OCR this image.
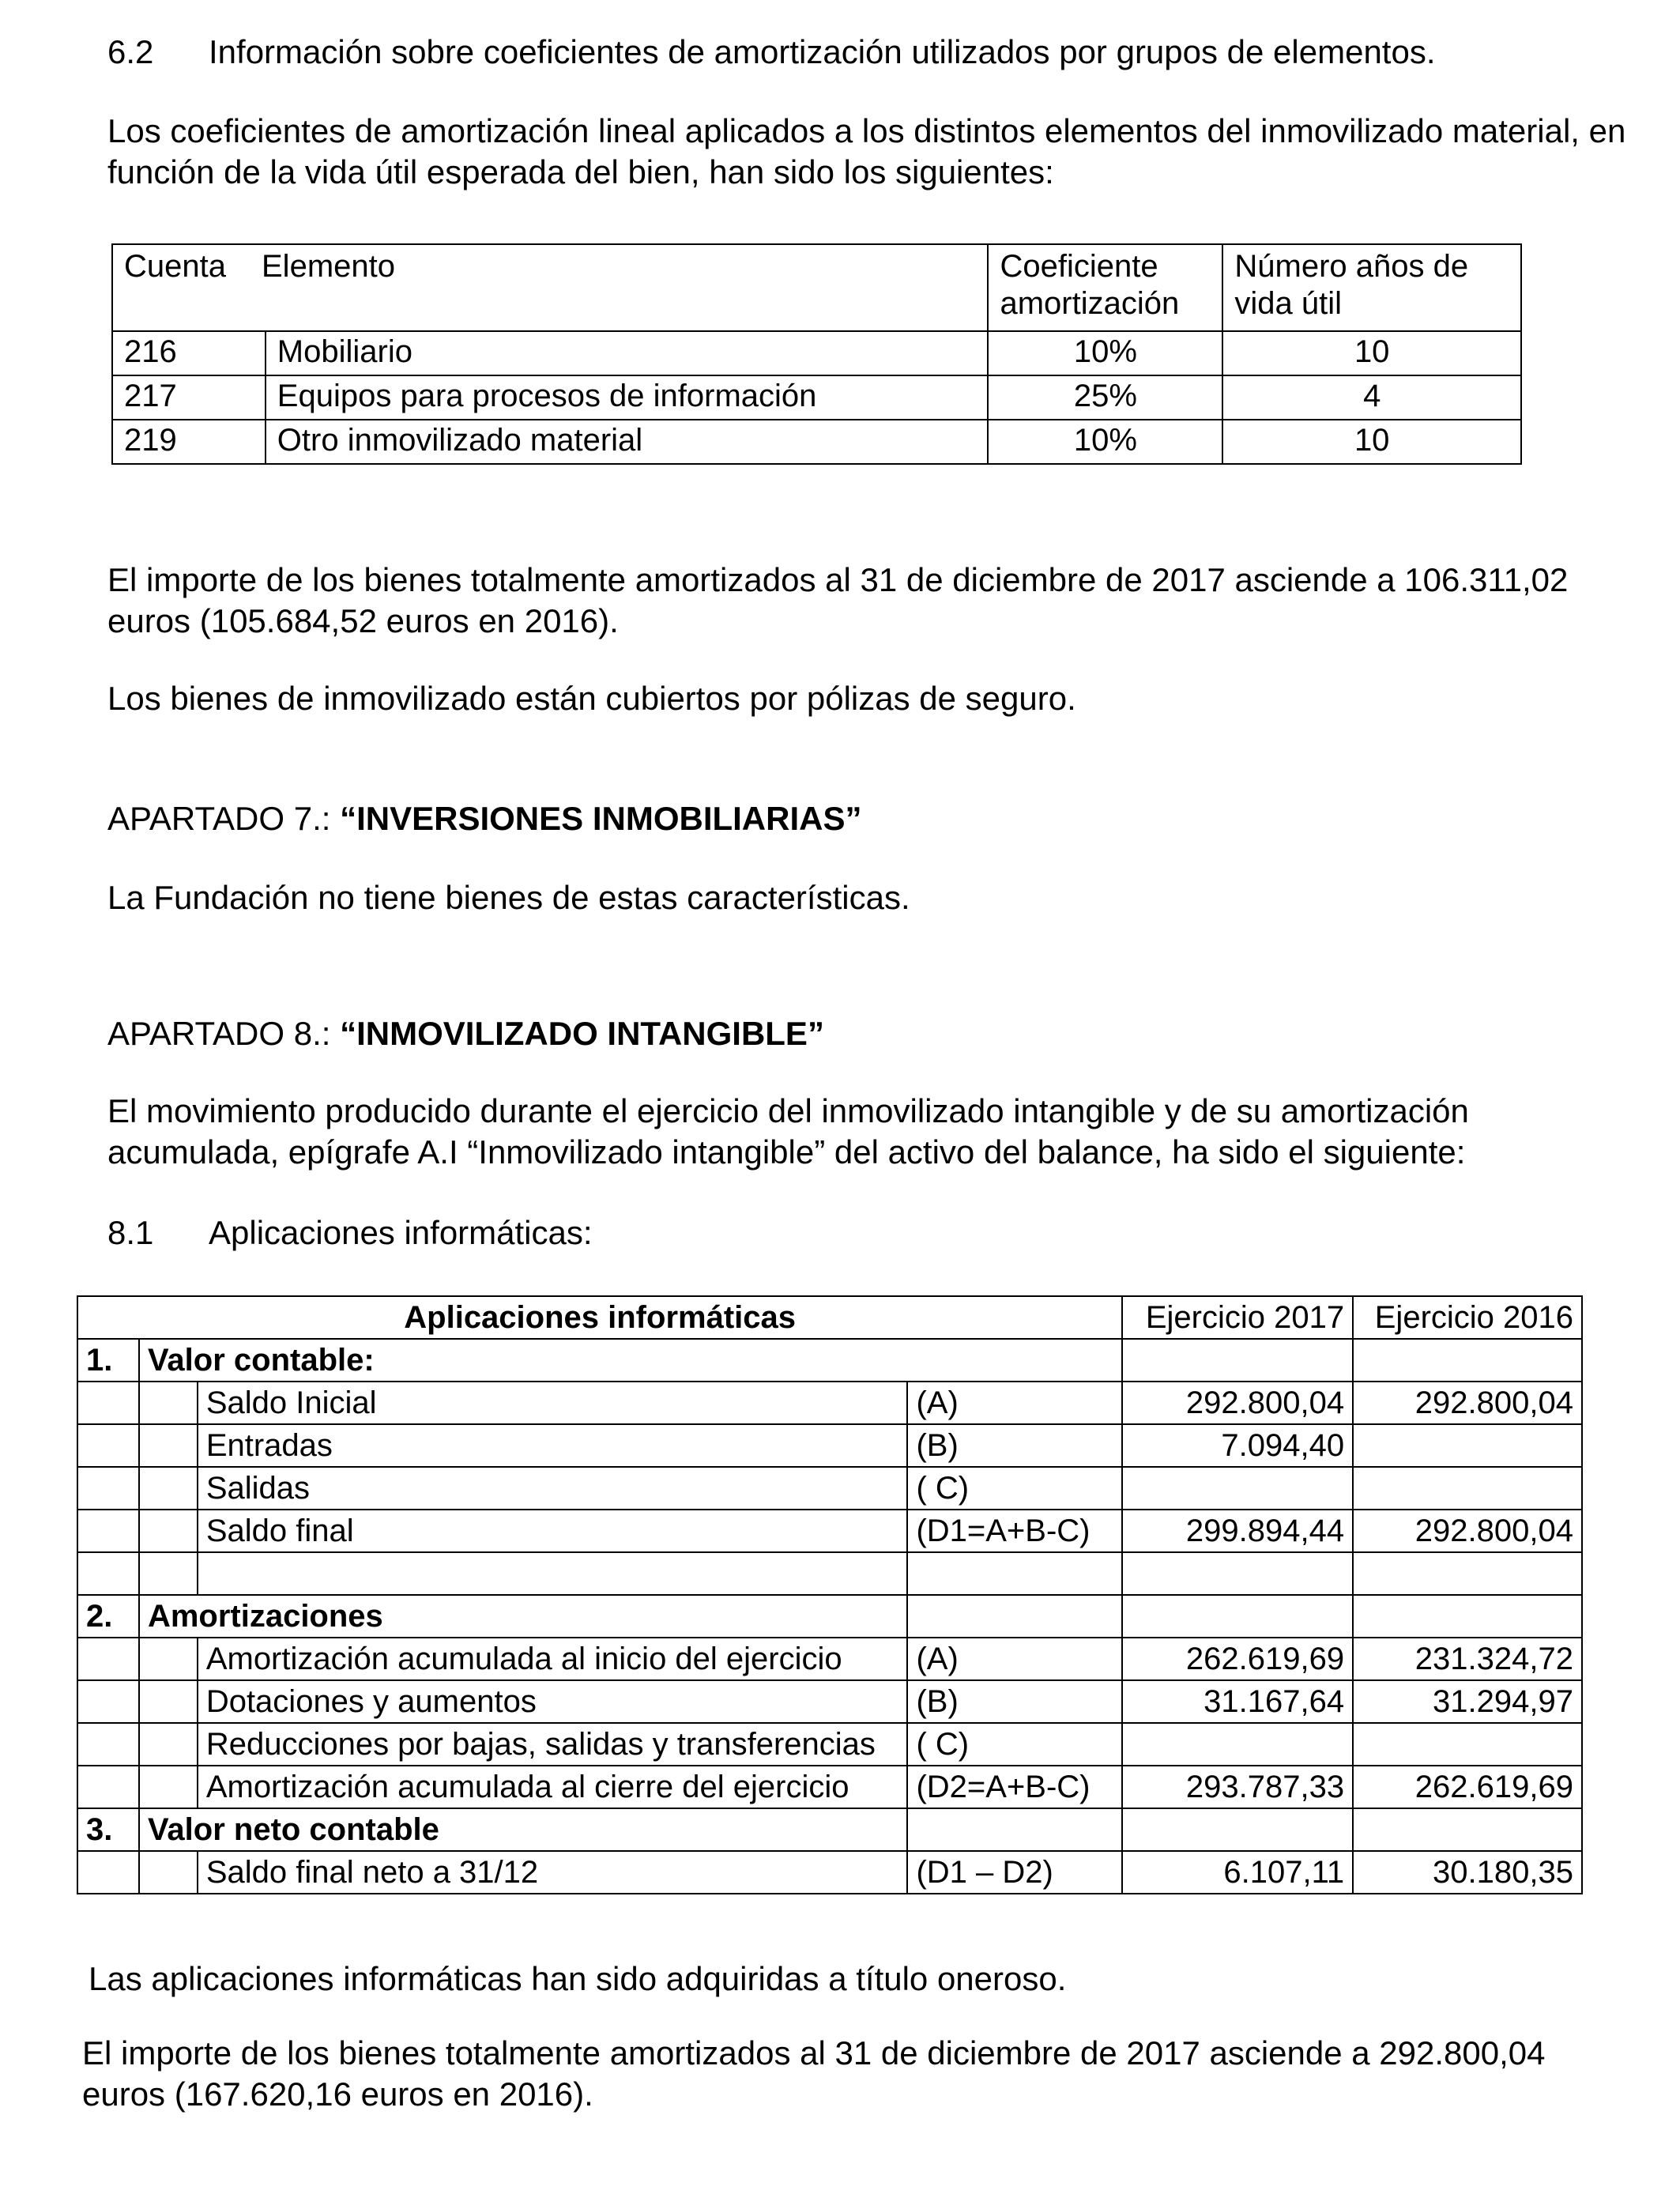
6.2 Información sobre coeficientes de amortización utilizados por grupos de elementos.

Los coeficientes de amortización lineal aplicados a los distintos elementos del inmovilizado material, en función de la vida útil esperada del bien, han sido los siguientes:

Cuenta Elemento		Coeficiente amortización	Número años de vida útil
216	Mobiliario	10%	10
217	Equipos para procesos de información	25%	4
219	Otro inmovilizado material	10%	10

El importe de los bienes totalmente amortizados al 31 de diciembre de 2017 asciende a 106.311,02 euros (105.684,52 euros en 2016).

Los bienes de inmovilizado están cubiertos por pólizas de seguro.

APARTADO 7.: “INVERSIONES INMOBILIARIAS”

La Fundación no tiene bienes de estas características.

APARTADO 8.: “INMOVILIZADO INTANGIBLE”

El movimiento producido durante el ejercicio del inmovilizado intangible y de su amortización acumulada, epígrafe A.I “Inmovilizado intangible” del activo del balance, ha sido el siguiente:

8.1 Aplicaciones informáticas:
Aplicaciones informáticas				Ejercicio 2017	Ejercicio 2016
1.	Valor contable:				
		Saldo Inicial	(A)	292.800,04	292.800,04
		Entradas	(B)	7.094,40	
		Salidas	( C)		
		Saldo final	(D1=A+B-C)	299.894,44	292.800,04

2.	Amortizaciones				
		Amortización acumulada al inicio del ejercicio	(A)	262.619,69	231.324,72
		Dotaciones y aumentos	(B)	31.167,64	31.294,97
		Reducciones por bajas, salidas y transferencias	( C)		
		Amortización acumulada al cierre del ejercicio	(D2=A+B-C)	293.787,33	262.619,69
3.	Valor neto contable				
		Saldo final neto a 31/12	(D1 – D2)	6.107,11	30.180,35

Las aplicaciones informáticas han sido adquiridas a título oneroso.

El importe de los bienes totalmente amortizados al 31 de diciembre de 2017 asciende a 292.800,04 euros (167.620,16 euros en 2016).
